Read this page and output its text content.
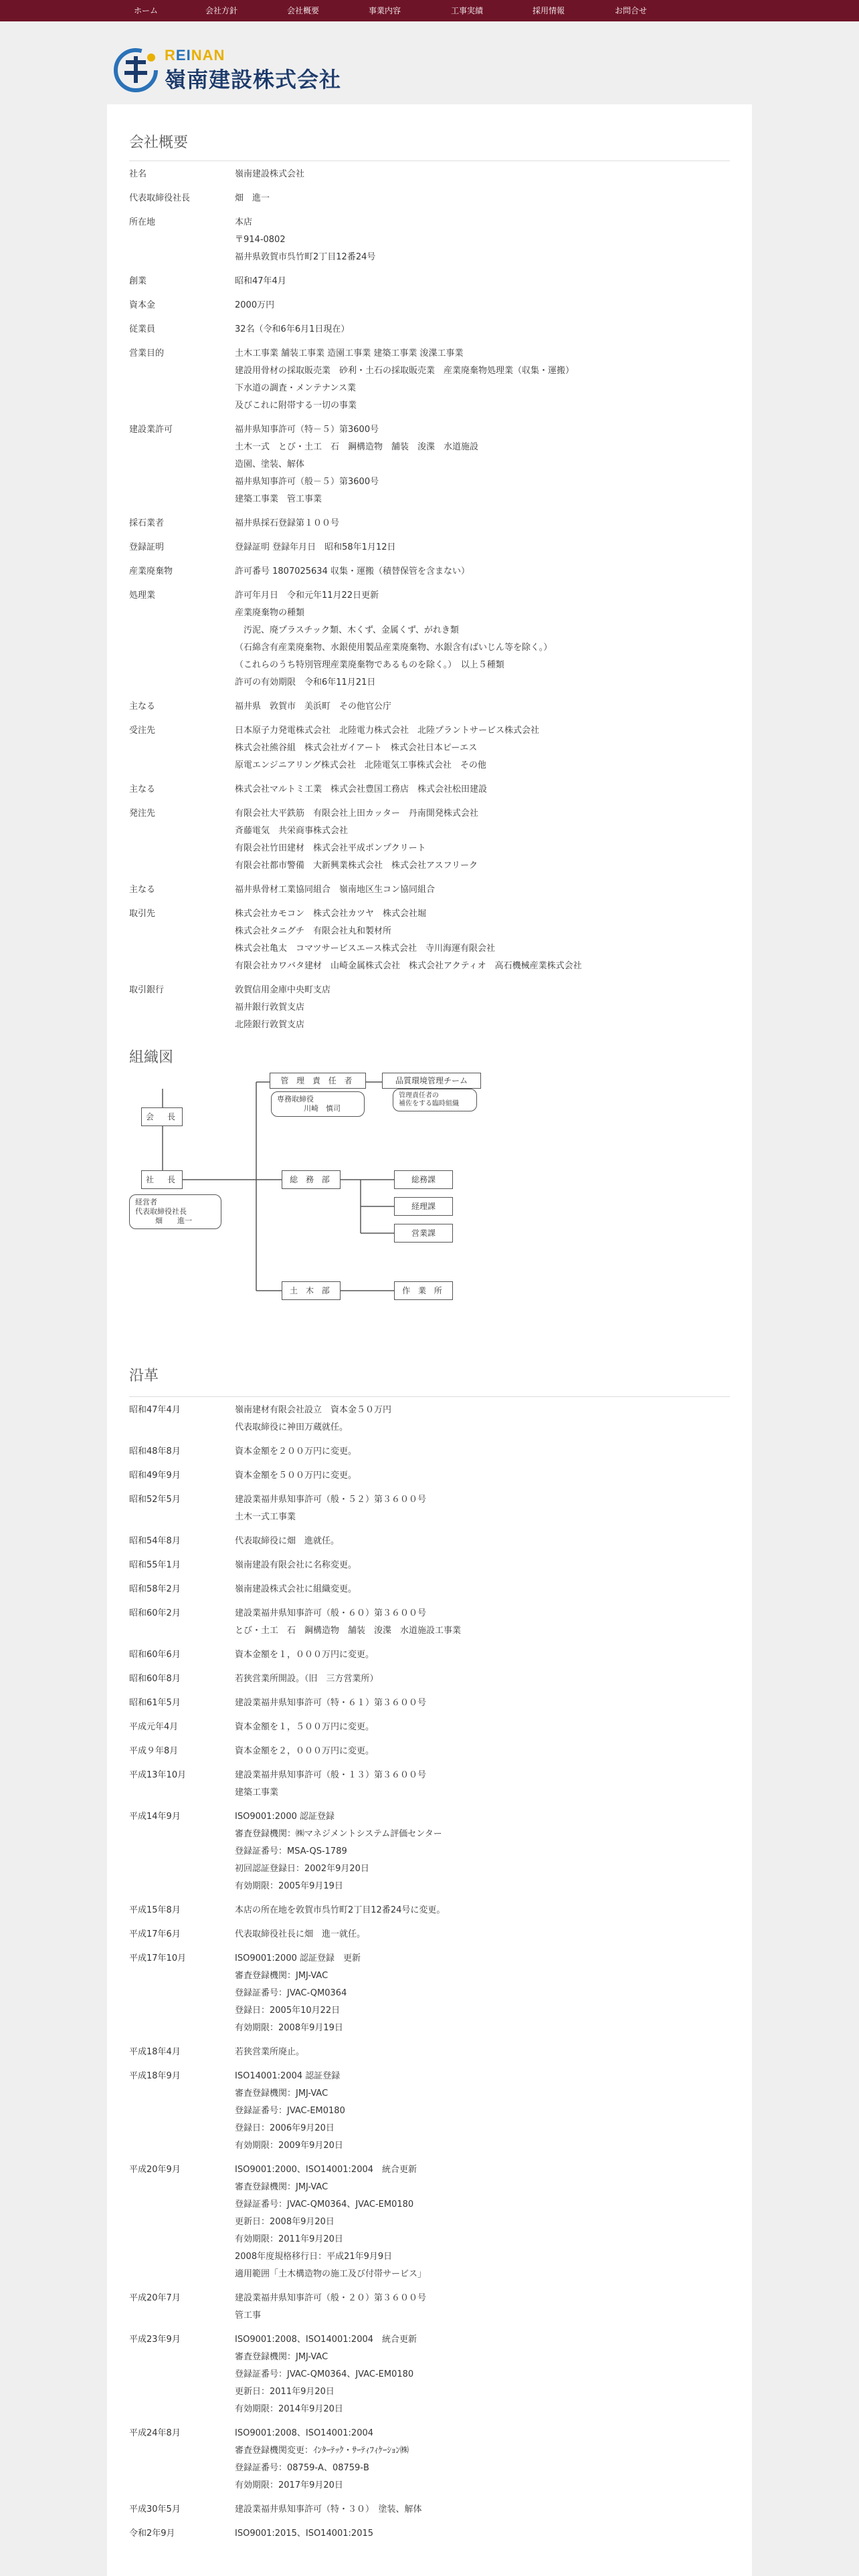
ホーム	会社方針	会社概要	事業内容	工事実績	採用情報	お問合せ
REINAN
嶺南建設株式会社
会社概要
社名	嶺南建設株式会社
代表取締役社長	畑　進一
所在地	本店
〒914-0802
福井県敦賀市呉竹町2丁目12番24号
創業	昭和47年4月
資本金	2000万円
従業員	32名（令和6年6月1日現在）
営業目的	土木工事業 舗装工事業 造園工事業 建築工事業 浚渫工事業
建設用骨材の採取販売業　砂利・土石の採取販売業　産業廃棄物処理業（収集・運搬）
下水道の調査・メンテナンス業
及びこれに附帯する一切の事業
建設業許可	福井県知事許可（特－５）第3600号
土木一式　とび・土工　石　鋼構造物　舗装　浚渫　水道施設
造園、塗装、解体
福井県知事許可（般－５）第3600号
建築工事業　管工事業
採石業者	福井県採石登録第１００号
登録証明	登録証明 登録年月日　昭和58年1月12日
産業廃棄物	許可番号 1807025634 収集・運搬（積替保管を含まない）
処理業	許可年月日　令和元年11月22日更新
産業廃棄物の種類
　汚泥、廃プラスチック類、木くず、金属くず、がれき類
（石綿含有産業廃棄物、水銀使用製品産業廃棄物、水銀含有ばいじん等を除く。）
（これらのうち特別管理産業廃棄物であるものを除く。）　以上５種類
許可の有効期限　令和6年11月21日
主なる	福井県　敦賀市　美浜町　その他官公庁
受注先	日本原子力発電株式会社　北陸電力株式会社　北陸プラントサービス株式会社
株式会社熊谷組　株式会社ガイアート　株式会社日本ピーエス
原電エンジニアリング株式会社　北陸電気工事株式会社　その他
主なる	株式会社マルトミ工業　株式会社豊国工務店　株式会社松田建設
発注先	有限会社大平鉄筋　有限会社上田カッター　丹南開発株式会社
斉藤電気　共栄商事株式会社
有限会社竹田建材　株式会社平成ポンプクリート
有限会社都市警備　大新興業株式会社　株式会社アスフリーク
主なる	福井県骨材工業協同組合　嶺南地区生コン協同組合
取引先	株式会社カモコン　株式会社カツヤ　株式会社堀
株式会社タニグチ　有限会社丸和製材所
株式会社亀太　コマツサービスエース株式会社　寺川海運有限会社
有限会社カワバタ建材　山崎金属株式会社　株式会社アクティオ　高石機械産業株式会社
取引銀行	敦賀信用金庫中央町支店
福井銀行敦賀支店
北陸銀行敦賀支店
組織図
会　長
社　長
経営者
代表取締役社長
畑　　進一
管 理 責 任 者
専務取締役
川崎　慎司
品質環境管理チーム
管理責任者の
補佐をする臨時組織
総 務 部	総務課
経理課
営業課
土 木 部	作 業 所
沿革
昭和47年4月	嶺南建材有限会社設立　資本金５０万円
代表取締役に神田万蔵就任。
昭和48年8月	資本金額を２００万円に変更。
昭和49年9月	資本金額を５００万円に変更。
昭和52年5月	建設業福井県知事許可（般・５２）第３６００号
土木一式工事業
昭和54年8月	代表取締役に畑　進就任。
昭和55年1月	嶺南建設有限会社に名称変更。
昭和58年2月	嶺南建設株式会社に組織変更。
昭和60年2月	建設業福井県知事許可（般・６０）第３６００号
とび・土工　石　鋼構造物　舗装　浚渫　水道施設工事業
昭和60年6月	資本金額を１，０００万円に変更。
昭和60年8月	若狭営業所開設。（旧　三方営業所）
昭和61年5月	建設業福井県知事許可（特・６１）第３６００号
平成元年4月	資本金額を１，５００万円に変更。
平成９年8月	資本金額を２，０００万円に変更。
平成13年10月	建設業福井県知事許可（般・１３）第３６００号
建築工事業
平成14年9月	ISO9001:2000 認証登録
審査登録機関：㈱マネジメントシステム評価センター
登録証番号：MSA-QS-1789
初回認証登録日：2002年9月20日
有効期限：2005年9月19日
平成15年8月	本店の所在地を敦賀市呉竹町2丁目12番24号に変更。
平成17年6月	代表取締役社長に畑　進一就任。
平成17年10月	ISO9001:2000 認証登録　更新
審査登録機関：JMJ-VAC
登録証番号：JVAC-QM0364
登録日：2005年10月22日
有効期限：2008年9月19日
平成18年4月	若狭営業所廃止。
平成18年9月	ISO14001:2004 認証登録
審査登録機関：JMJ-VAC
登録証番号：JVAC-EM0180
登録日：2006年9月20日
有効期限：2009年9月20日
平成20年9月	ISO9001:2000、ISO14001:2004　統合更新
審査登録機関：JMJ-VAC
登録証番号：JVAC-QM0364、JVAC-EM0180
更新日：2008年9月20日
有効期限：2011年9月20日
2008年度規格移行日：平成21年9月9日
適用範囲「土木構造物の施工及び付帯サービス」
平成20年7月	建設業福井県知事許可（般・２０）第３６００号
管工事
平成23年9月	ISO9001:2008、ISO14001:2004　統合更新
審査登録機関：JMJ-VAC
登録証番号：JVAC-QM0364、JVAC-EM0180
更新日：2011年9月20日
有効期限：2014年9月20日
平成24年8月	ISO9001:2008、ISO14001:2004
審査登録機関変更：ｲﾝﾀｰﾃｯｸ・ｻｰﾃｨﾌｨｹｰｼｮﾝ㈱
登録証番号：08759-A、08759-B
有効期限：2017年9月20日
平成30年5月	建設業福井県知事許可（特・３０）　塗装、解体
令和2年9月	ISO9001:2015、ISO14001:2015
